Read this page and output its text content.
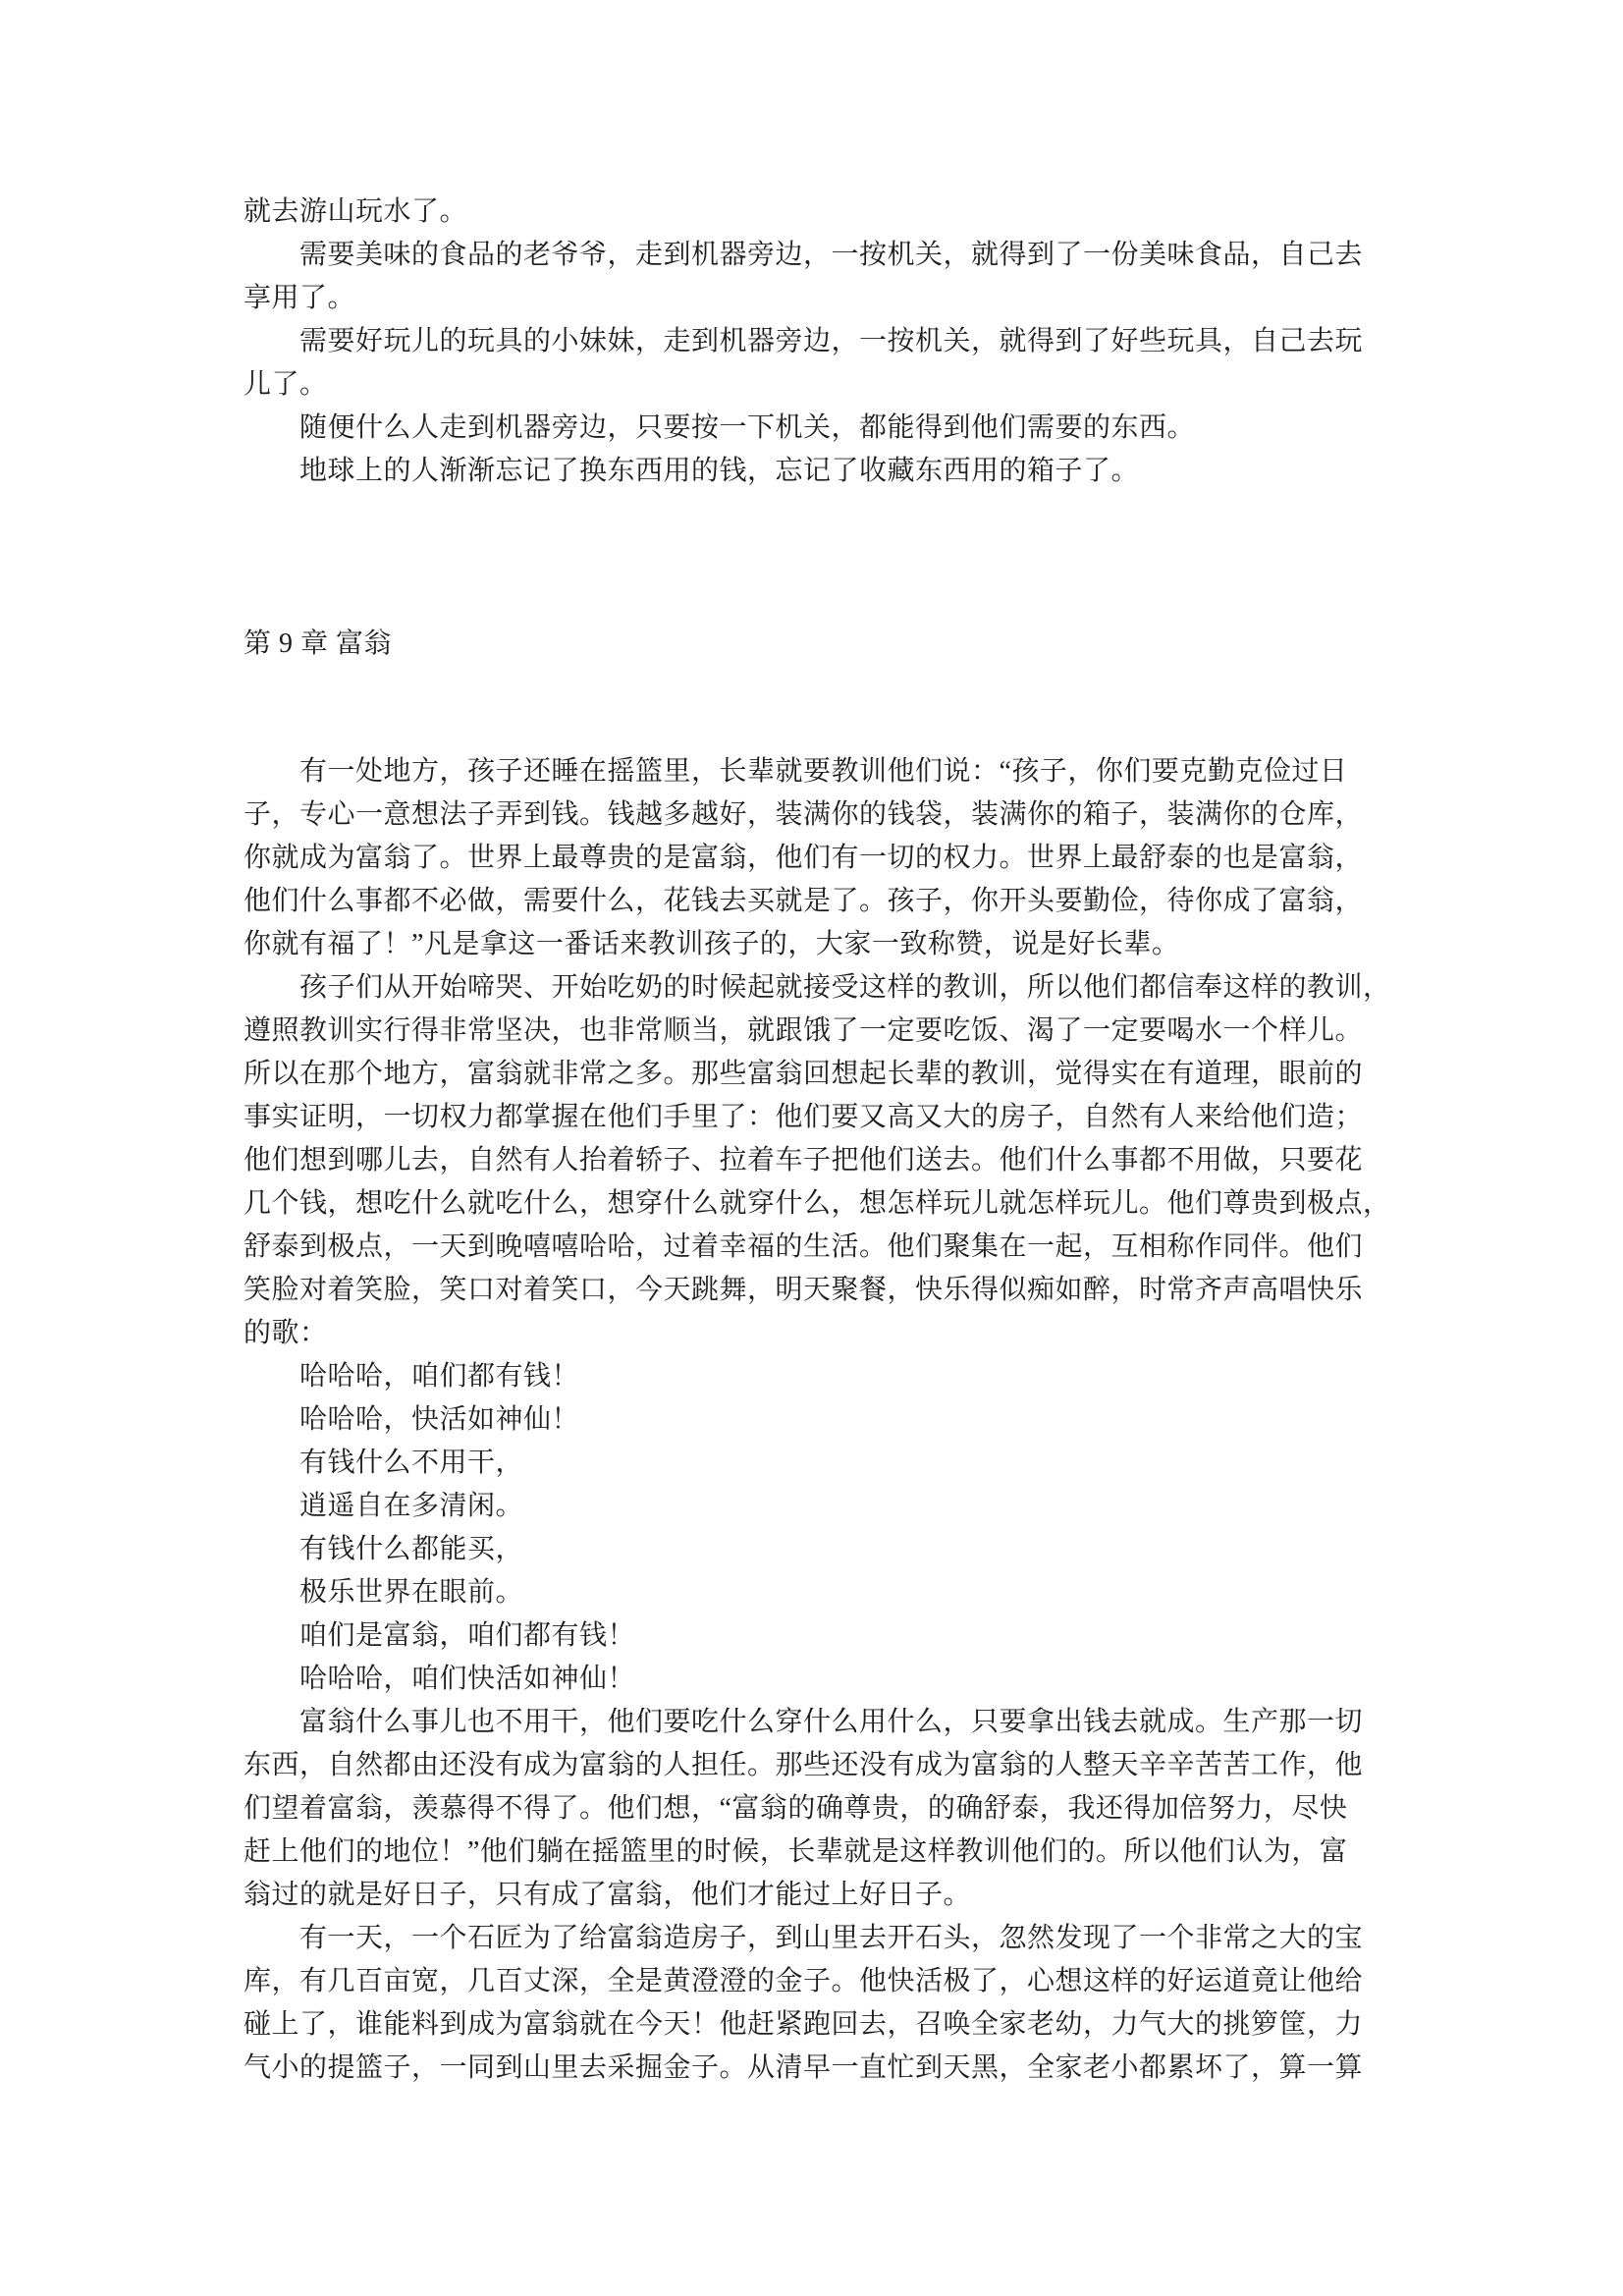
就去游山玩水了。
需要美味的食品的老爷爷，走到机器旁边，一按机关，就得到了一份美味食品，自己去
享用了。
需要好玩儿的玩具的小妹妹，走到机器旁边，一按机关，就得到了好些玩具，自己去玩
儿了。
随便什么人走到机器旁边，只要按一下机关，都能得到他们需要的东西。
地球上的人渐渐忘记了换东西用的钱，忘记了收藏东西用的箱子了。
第 9 章 富翁
有一处地方，孩子还睡在摇篮里，长辈就要教训他们说：“孩子，你们要克勤克俭过日
子，专心一意想法子弄到钱。钱越多越好，装满你的钱袋，装满你的箱子，装满你的仓库，
你就成为富翁了。世界上最尊贵的是富翁，他们有一切的权力。世界上最舒泰的也是富翁，
他们什么事都不必做，需要什么，花钱去买就是了。孩子，你开头要勤俭，待你成了富翁，
你就有福了！”凡是拿这一番话来教训孩子的，大家一致称赞，说是好长辈。
孩子们从开始啼哭、开始吃奶的时候起就接受这样的教训，所以他们都信奉这样的教训，
遵照教训实行得非常坚决，也非常顺当，就跟饿了一定要吃饭、渴了一定要喝水一个样儿。
所以在那个地方，富翁就非常之多。那些富翁回想起长辈的教训，觉得实在有道理，眼前的
事实证明，一切权力都掌握在他们手里了：他们要又高又大的房子，自然有人来给他们造；
他们想到哪儿去，自然有人抬着轿子、拉着车子把他们送去。他们什么事都不用做，只要花
几个钱，想吃什么就吃什么，想穿什么就穿什么，想怎样玩儿就怎样玩儿。他们尊贵到极点，
舒泰到极点，一天到晚嘻嘻哈哈，过着幸福的生活。他们聚集在一起，互相称作同伴。他们
笑脸对着笑脸，笑口对着笑口，今天跳舞，明天聚餐，快乐得似痴如醉，时常齐声高唱快乐
的歌：
哈哈哈，咱们都有钱！
哈哈哈，快活如神仙！
有钱什么不用干，
逍遥自在多清闲。
有钱什么都能买，
极乐世界在眼前。
咱们是富翁，咱们都有钱！
哈哈哈，咱们快活如神仙！
富翁什么事儿也不用干，他们要吃什么穿什么用什么，只要拿出钱去就成。生产那一切
东西，自然都由还没有成为富翁的人担任。那些还没有成为富翁的人整天辛辛苦苦工作，他
们望着富翁，羡慕得不得了。他们想，“富翁的确尊贵，的确舒泰，我还得加倍努力，尽快
赶上他们的地位！”他们躺在摇篮里的时候，长辈就是这样教训他们的。所以他们认为，富
翁过的就是好日子，只有成了富翁，他们才能过上好日子。
有一天，一个石匠为了给富翁造房子，到山里去开石头，忽然发现了一个非常之大的宝
库，有几百亩宽，几百丈深，全是黄澄澄的金子。他快活极了，心想这样的好运道竟让他给
碰上了，谁能料到成为富翁就在今天！他赶紧跑回去，召唤全家老幼，力气大的挑箩筐，力
气小的提篮子，一同到山里去采掘金子。从清早一直忙到天黑，全家老小都累坏了，算一算
